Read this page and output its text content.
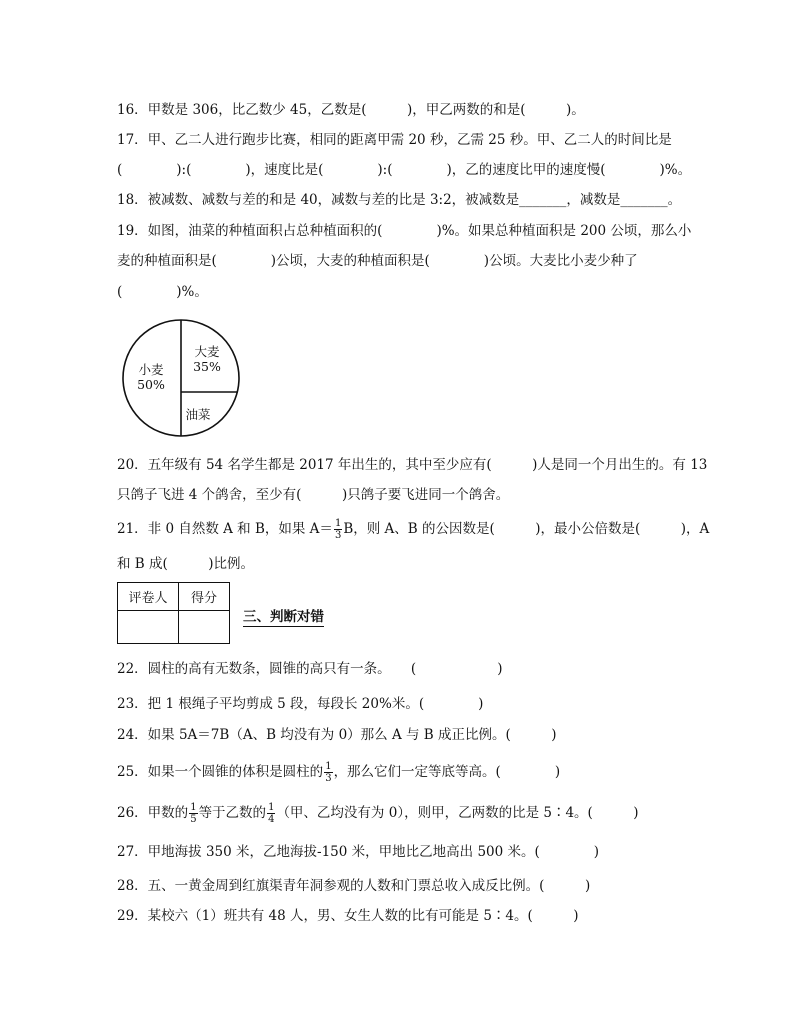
16．甲数是 306，比乙数少 45，乙数是(　　　)，甲乙两数的和是(　　　)。
17．甲、乙二人进行跑步比赛，相同的距离甲需 20 秒，乙需 25 秒。甲、乙二人的时间比是
(　　　　):(　　　　)，速度比是(　　　　):(　　　　)，乙的速度比甲的速度慢(　　　　)%。
18．被减数、减数与差的和是 40，减数与差的比是 3:2，被减数是_______，减数是_______。
19．如图，油菜的种植面积占总种植面积的(　　　　)%。如果总种植面积是 200 公顷，那么小
麦的种植面积是(　　　　)公顷，大麦的种植面积是(　　　　)公顷。大麦比小麦少种了
(　　　　)%。
小麦
50%
大麦
35%
油菜
20．五年级有 54 名学生都是 2017 年出生的，其中至少应有(　　　)人是同一个月出生的。有 13
只鸽子飞进 4 个鸽舍，至少有(　　　)只鸽子要飞进同一个鸽舍。
21．非 0 自然数 A 和 B，如果 $A= \frac{1}{3}$ B，则 A、B 的公因数是(　　　)，最小公倍数是(　　　)，A
和 B 成(　　　)比例。
评卷人	得分

三、判断对错
22．圆柱的高有无数条，圆锥的高只有一条。　　(　　　　　　)
23．把 1 根绳子平均剪成 5 段，每段长 20%米。(　　　　)
24．如果 5A＝7B（A、B 均没有为 0）那么 A 与 B 成正比例。(　　　)
25．如果一个圆锥的体积是圆柱的 $\frac{1}{3}$ ，那么它们一定等底等高。(　　　　)
26．甲数的 $\frac{1}{5}$ 等于乙数的 $\frac{1}{4}$ （甲、乙均没有为 0），则甲，乙两数的比是 5∶4。(　　　)
27．甲地海拔 350 米，乙地海拔-150 米，甲地比乙地高出 500 米。(　　　　)
28．五、一黄金周到红旗渠青年洞参观的人数和门票总收入成反比例。(　　　)
29．某校六（1）班共有 48 人，男、女生人数的比有可能是 5∶4。(　　　)
